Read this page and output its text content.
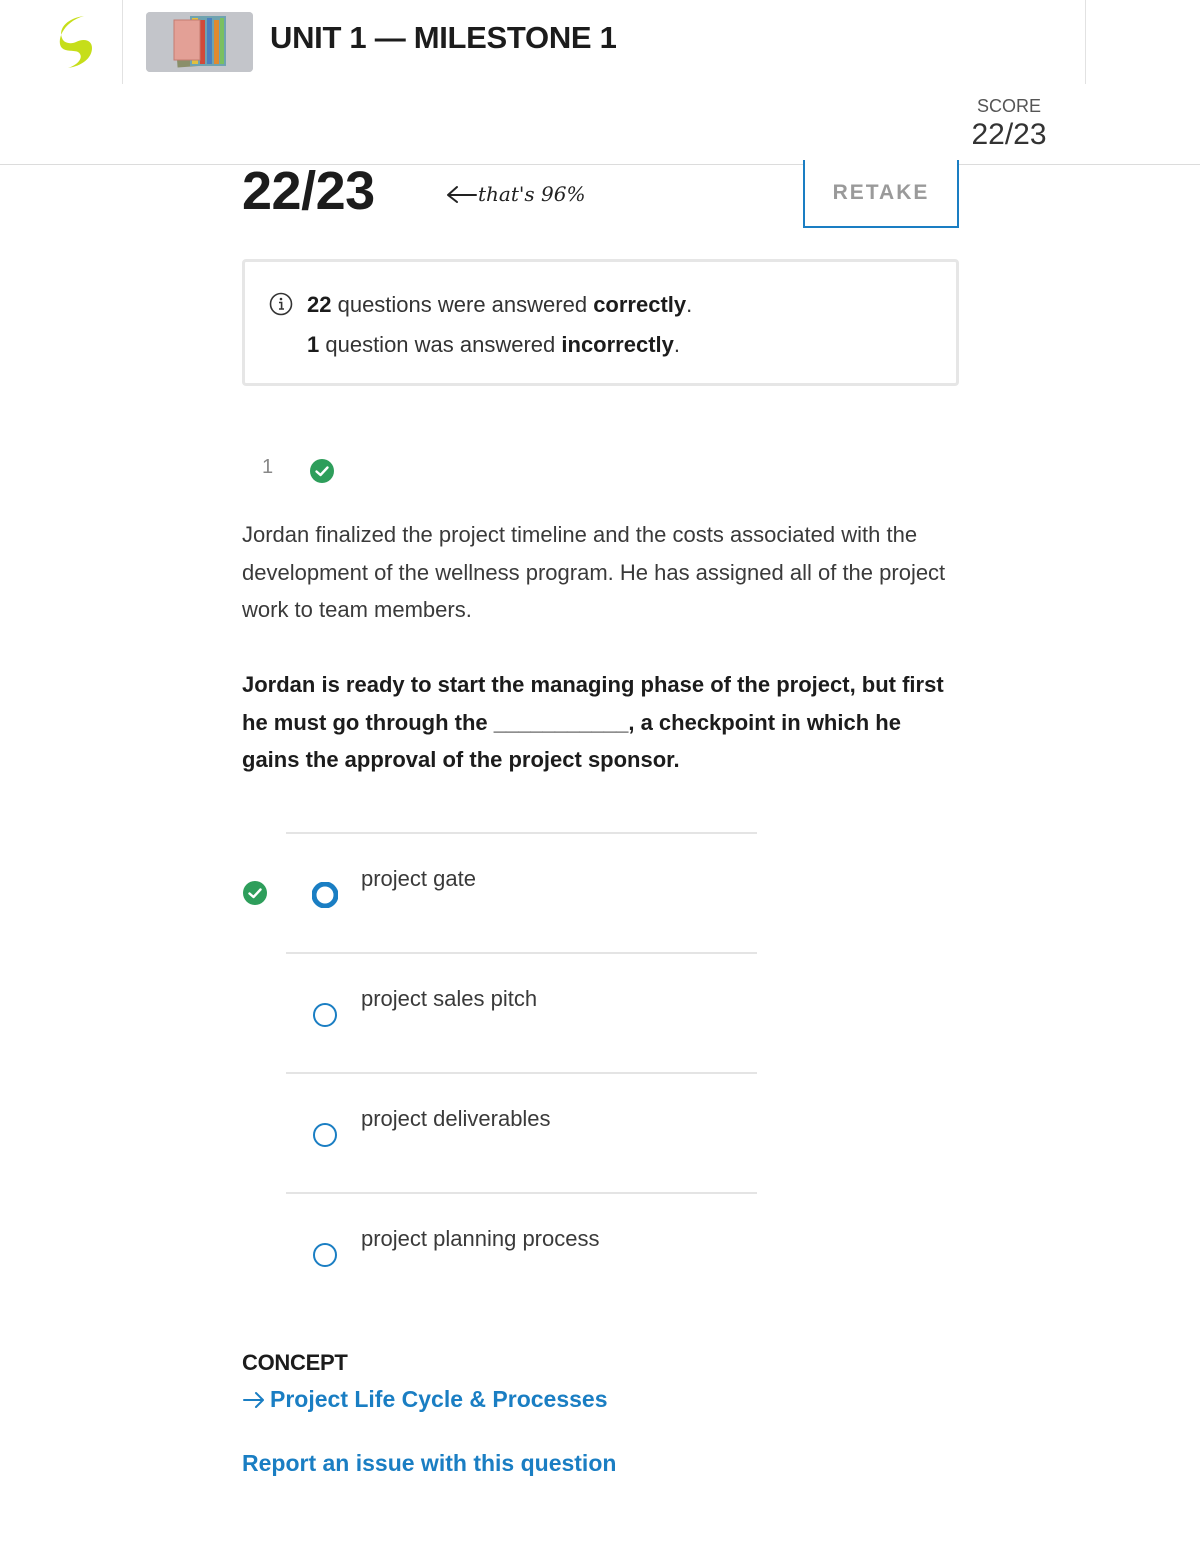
UNIT 1 — MILESTONE 1
SCORE
22/23
22/23	that's 96%	RETAKE
22 questions were answered correctly.
1 question was answered incorrectly.
1
Jordan finalized the project timeline and the costs associated with the development of the wellness program. He has assigned all of the project work to team members.
Jordan is ready to start the managing phase of the project, but first he must go through the ___________, a checkpoint in which he gains the approval of the project sponsor.
project gate
project sales pitch
project deliverables
project planning process
CONCEPT
Project Life Cycle & Processes
Report an issue with this question
